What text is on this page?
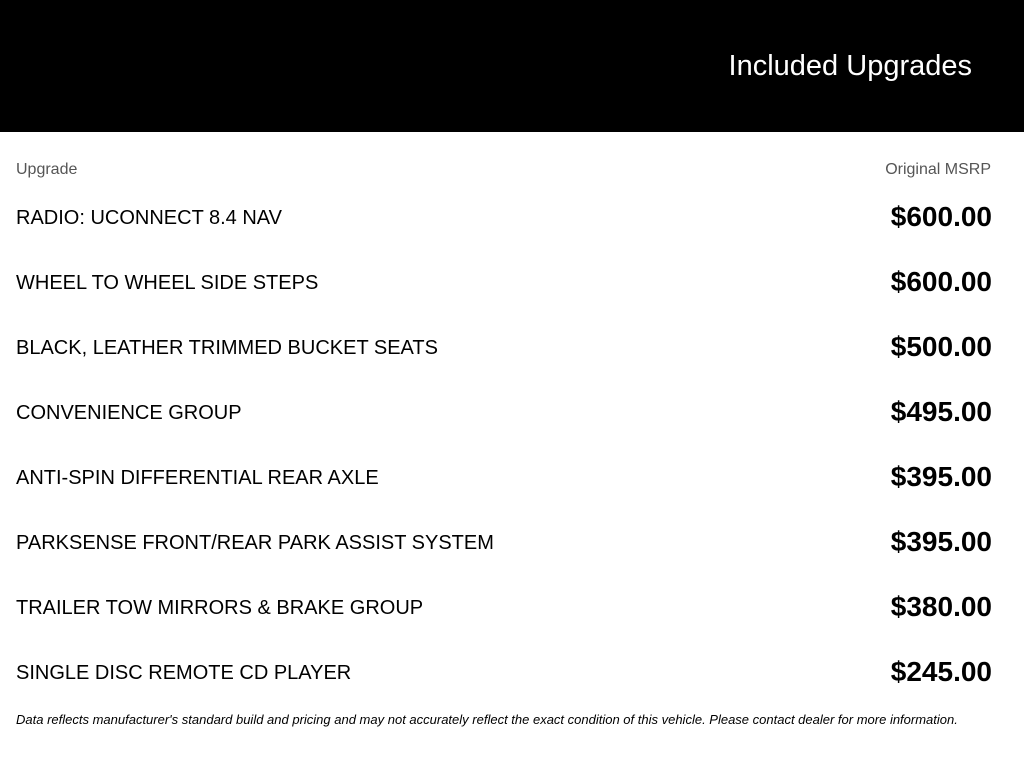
Included Upgrades
Upgrade	Original MSRP
RADIO: UCONNECT 8.4 NAV	$600.00
WHEEL TO WHEEL SIDE STEPS	$600.00
BLACK, LEATHER TRIMMED BUCKET SEATS	$500.00
CONVENIENCE GROUP	$495.00
ANTI-SPIN DIFFERENTIAL REAR AXLE	$395.00
PARKSENSE FRONT/REAR PARK ASSIST SYSTEM	$395.00
TRAILER TOW MIRRORS & BRAKE GROUP	$380.00
SINGLE DISC REMOTE CD PLAYER	$245.00
Data reflects manufacturer's standard build and pricing and may not accurately reflect the exact condition of this vehicle. Please contact dealer for more information.
